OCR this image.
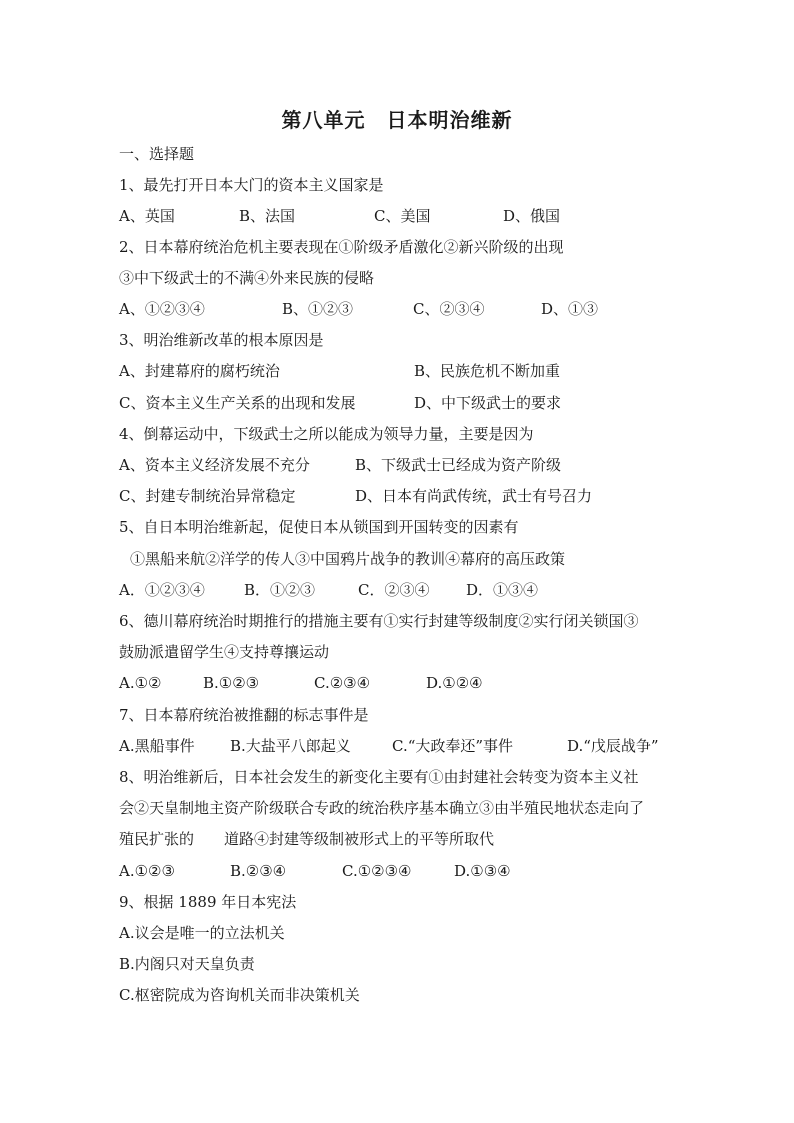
第八单元　日本明治维新
一、选择题
1、最先打开日本大门的资本主义国家是
A、英国	B、法国	C、美国	D、俄国
2、日本幕府统治危机主要表现在①阶级矛盾激化②新兴阶级的出现
③中下级武士的不满④外来民族的侵略
A、①②③④	B、①②③	C、②③④	D、①③
3、明治维新改革的根本原因是
A、封建幕府的腐朽统治	B、民族危机不断加重
C、资本主义生产关系的出现和发展	D、中下级武士的要求
4、倒幕运动中，下级武士之所以能成为领导力量，主要是因为
A、资本主义经济发展不充分	B、下级武士已经成为资产阶级
C、封建专制统治异常稳定	D、日本有尚武传统，武士有号召力
5、自日本明治维新起，促使日本从锁国到开国转变的因素有
①黑船来航②洋学的传人③中国鸦片战争的教训④幕府的高压政策
A．①②③④	B．①②③	C．②③④ D．①③④
6、德川幕府统治时期推行的措施主要有①实行封建等级制度②实行闭关锁国③
鼓励派遣留学生④支持尊攘运动
A.①②	B.①②③	C.②③④	D.①②④
7、日本幕府统治被推翻的标志事件是
A.黑船事件 B.大盐平八郎起义	C.“大政奉还”事件	D.“戊辰战争”
8、明治维新后，日本社会发生的新变化主要有①由封建社会转变为资本主义社
会②天皇制地主资产阶级联合专政的统治秩序基本确立③由半殖民地状态走向了
殖民扩张的　　道路④封建等级制被形式上的平等所取代
A.①②③	B.②③④	C.①②③④	D.①③④
9、根据 1889 年日本宪法
A.议会是唯一的立法机关
B.内阁只对天皇负责
C.枢密院成为咨询机关而非决策机关
